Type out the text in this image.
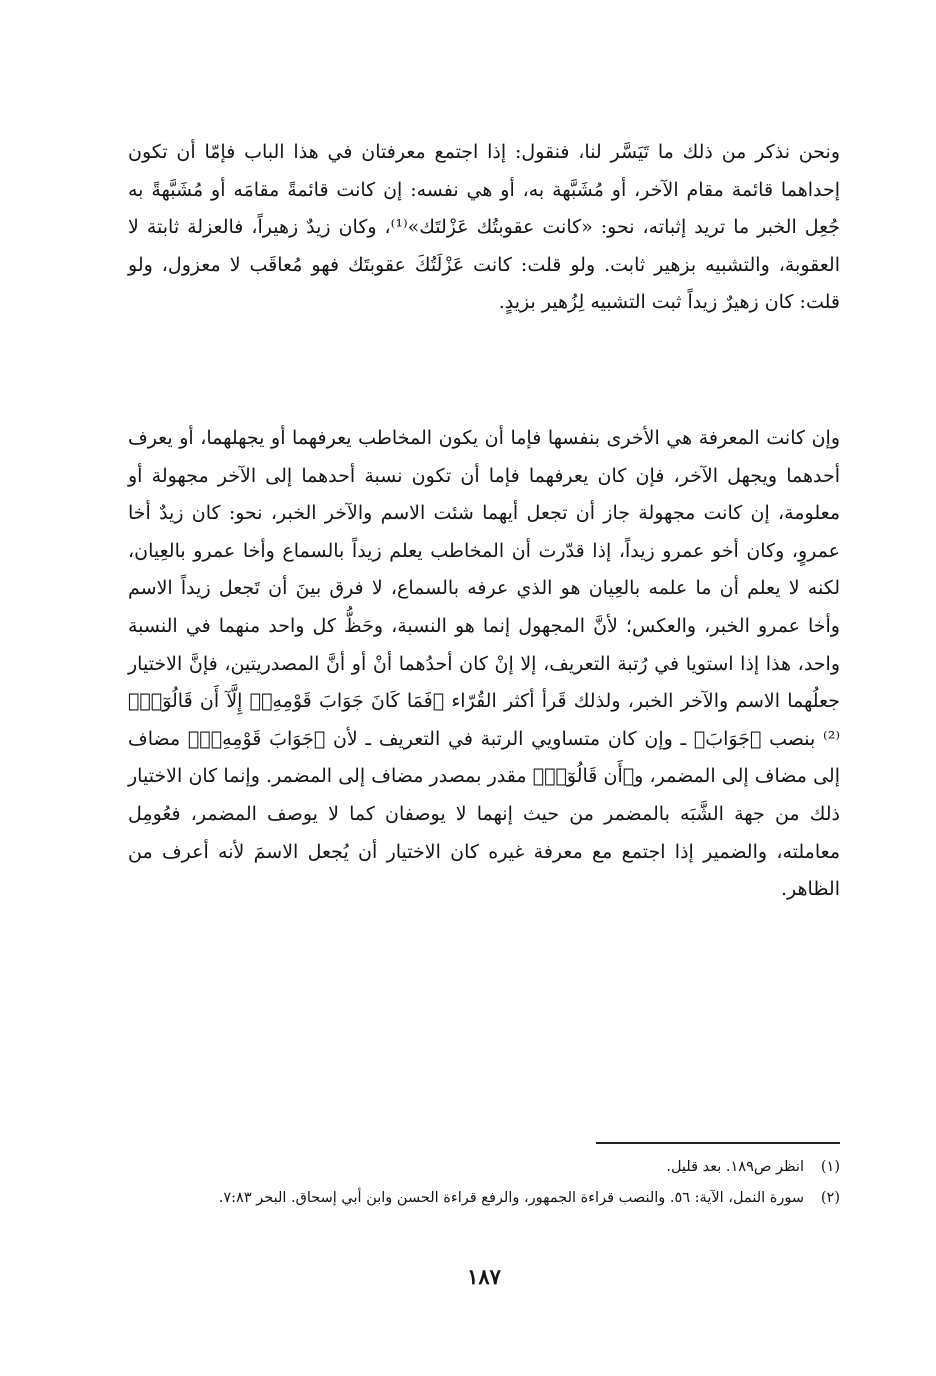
ونحن نذكر من ذلك ما تَيَسَّر لنا، فنقول: إذا اجتمع معرفتان في هذا الباب فإمّا أن تكون إحداهما قائمة مقام الآخر، أو مُشَبَّهة به، أو هي نفسه: إن كانت قائمةً مقامَه أو مُشَبَّهةً به جُعِل الخبر ما تريد إثباته، نحو: «كانت عقوبتُك عَزْلتَك»⁽¹⁾، وكان زيدٌ زهيراً، فالعزلة ثابتة لا العقوبة، والتشبيه بزهير ثابت. ولو قلت: كانت عَزْلَتُكَ عقوبتَك فهو مُعاقَب لا معزول، ولو قلت: كان زهيرٌ زيداً ثبت التشبيه لِزُهير بزيدٍ.

وإن كانت المعرفة هي الأخرى بنفسها فإما أن يكون المخاطب يعرفهما أو يجهلهما، أو يعرف أحدهما ويجهل الآخر، فإن كان يعرفهما فإما أن تكون نسبة أحدهما إلى الآخر مجهولة أو معلومة، إن كانت مجهولة جاز أن تجعل أيهما شئت الاسم والآخر الخبر، نحو: كان زيدٌ أخا عمروٍ، وكان أخو عمرو زيداً، إذا قدّرت أن المخاطب يعلم زيداً بالسماع وأخا عمرو بالعِيان، لكنه لا يعلم أن ما علمه بالعِيان هو الذي عرفه بالسماع، لا فرق بينَ أن تَجعل زيداً الاسم وأخا عمرو الخبر، والعكس؛ لأنَّ المجهول إنما هو النسبة، وحَظُّ كل واحد منهما في النسبة واحد، هذا إذا استويا في رُتبة التعريف، إلا إنْ كان أحدُهما أنْ أو أنَّ المصدريتين، فإنَّ الاختيار جعلُهما الاسم والآخر الخبر، ولذلك قَرأ أكثر القُرّاء ﴿فَمَا كَانَ جَوَابَ قَوْمِهِۦٓ إِلَّآ أَن قَالُوٓا۟﴾⁽²⁾ بنصب ﴿جَوَابَ﴾ ـ وإن كان متساويي الرتبة في التعريف ـ لأن ﴿جَوَابَ قَوْمِهِۦٓ﴾ مضاف إلى مضاف إلى المضمر، و﴿أَن قَالُوٓا۟﴾ مقدر بمصدر مضاف إلى المضمر. وإنما كان الاختيار ذلك من جهة الشَّبَه بالمضمر من حيث إنهما لا يوصفان كما لا يوصف المضمر، فعُومِل معاملته، والضمير إذا اجتمع مع معرفة غيره كان الاختيار أن يُجعل الاسمَ لأنه أعرف من الظاهر.

(١)
انظر ص١٨٩. بعد قليل.
(٢)
سورة النمل، الآية: ٥٦. والنصب قراءة الجمهور، والرفع قراءة الحسن وابن أبي إسحاق. البحر ٧:٨٣.
١٨٧
